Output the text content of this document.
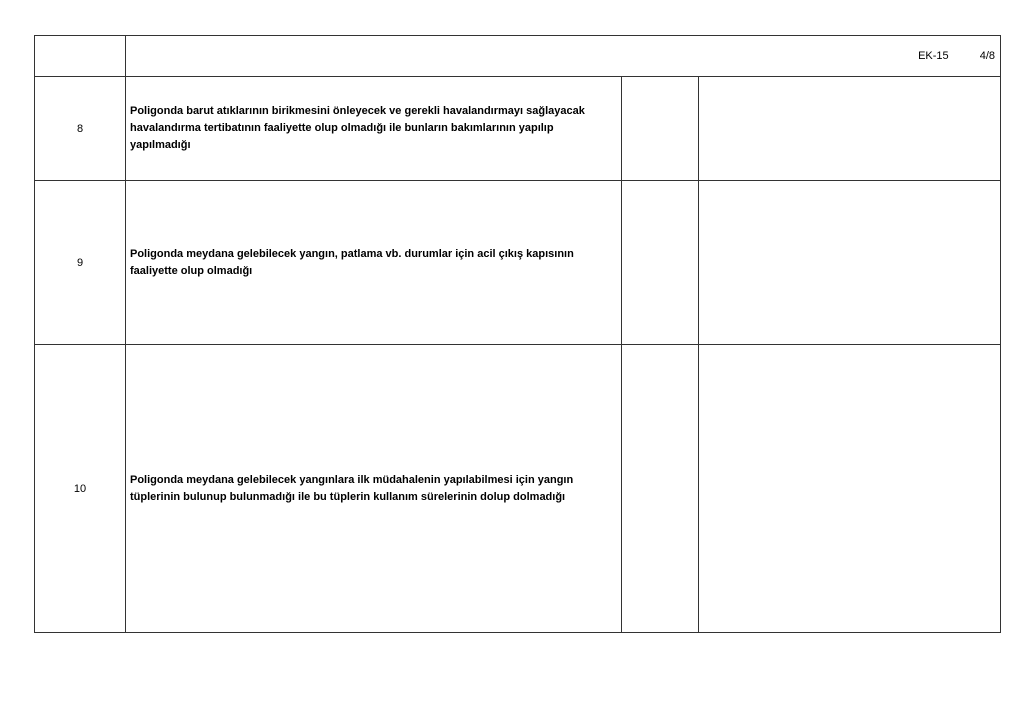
	EK-15 4/8		
8	Poligonda barut atıklarının birikmesini önleyecek ve gerekli havalandırmayı sağlayacak havalandırma tertibatının faaliyette olup olmadığı ile bunların bakımlarının yapılıp yapılmadığı		
9	Poligonda meydana gelebilecek yangın, patlama vb. durumlar için acil çıkış kapısının faaliyette olup olmadığı		
10	Poligonda meydana gelebilecek yangınlara ilk müdahalenin yapılabilmesi için yangın tüplerinin bulunup bulunmadığı ile bu tüplerin kullanım sürelerinin dolup dolmadığı		
